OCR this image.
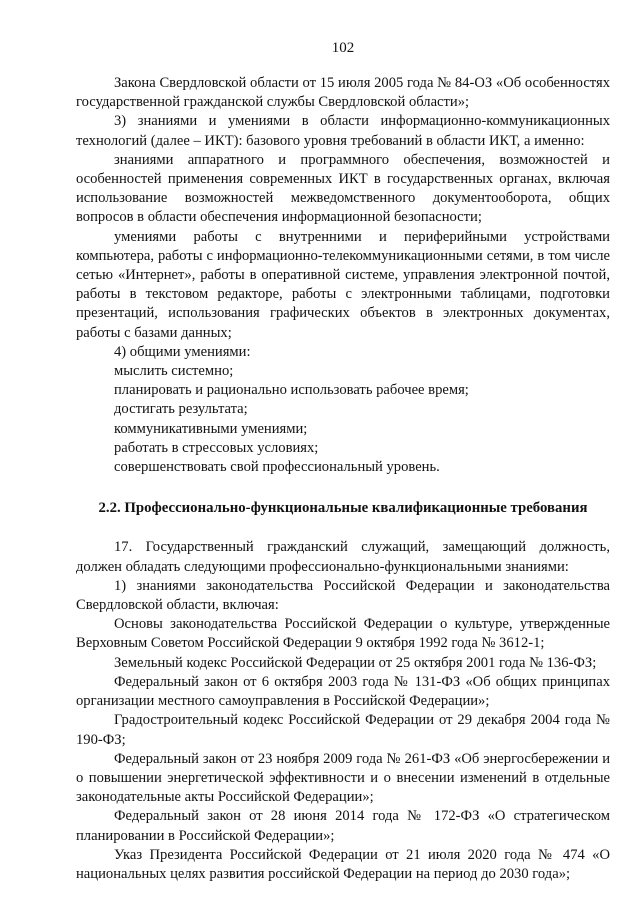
102

Закона Свердловской области от 15 июля 2005 года № 84-ОЗ «Об особенностях государственной гражданской службы Свердловской области»;

3) знаниями и умениями в области информационно-коммуникационных технологий (далее – ИКТ): базового уровня требований в области ИКТ, а именно:

знаниями аппаратного и программного обеспечения, возможностей и особенностей применения современных ИКТ в государственных органах, включая использование возможностей межведомственного документооборота, общих вопросов в области обеспечения информационной безопасности;

умениями работы с внутренними и периферийными устройствами компьютера, работы с информационно-телекоммуникационными сетями, в том числе сетью «Интернет», работы в оперативной системе, управления электронной почтой, работы в текстовом редакторе, работы с электронными таблицами, подготовки презентаций, использования графических объектов в электронных документах, работы с базами данных;

4) общими умениями:

мыслить системно;

планировать и рационально использовать рабочее время;

достигать результата;

коммуникативными умениями;

работать в стрессовых условиях;

совершенствовать свой профессиональный уровень.

2.2. Профессионально-функциональные квалификационные требования

17. Государственный гражданский служащий, замещающий должность, должен обладать следующими профессионально-функциональными знаниями:

1) знаниями законодательства Российской Федерации и законодательства Свердловской области, включая:

Основы законодательства Российской Федерации о культуре, утвержденные Верховным Советом Российской Федерации 9 октября 1992 года № 3612-1;

Земельный кодекс Российской Федерации от 25 октября 2001 года № 136-ФЗ;

Федеральный закон от 6 октября 2003 года № 131-ФЗ «Об общих принципах организации местного самоуправления в Российской Федерации»;

Градостроительный кодекс Российской Федерации от 29 декабря 2004 года № 190-ФЗ;

Федеральный закон от 23 ноября 2009 года № 261-ФЗ «Об энергосбережении и о повышении энергетической эффективности и о внесении изменений в отдельные законодательные акты Российской Федерации»;

Федеральный закон от 28 июня 2014 года № 172-ФЗ «О стратегическом планировании в Российской Федерации»;

Указ Президента Российской Федерации от 21 июля 2020 года № 474 «О национальных целях развития российской Федерации на период до 2030 года»;
